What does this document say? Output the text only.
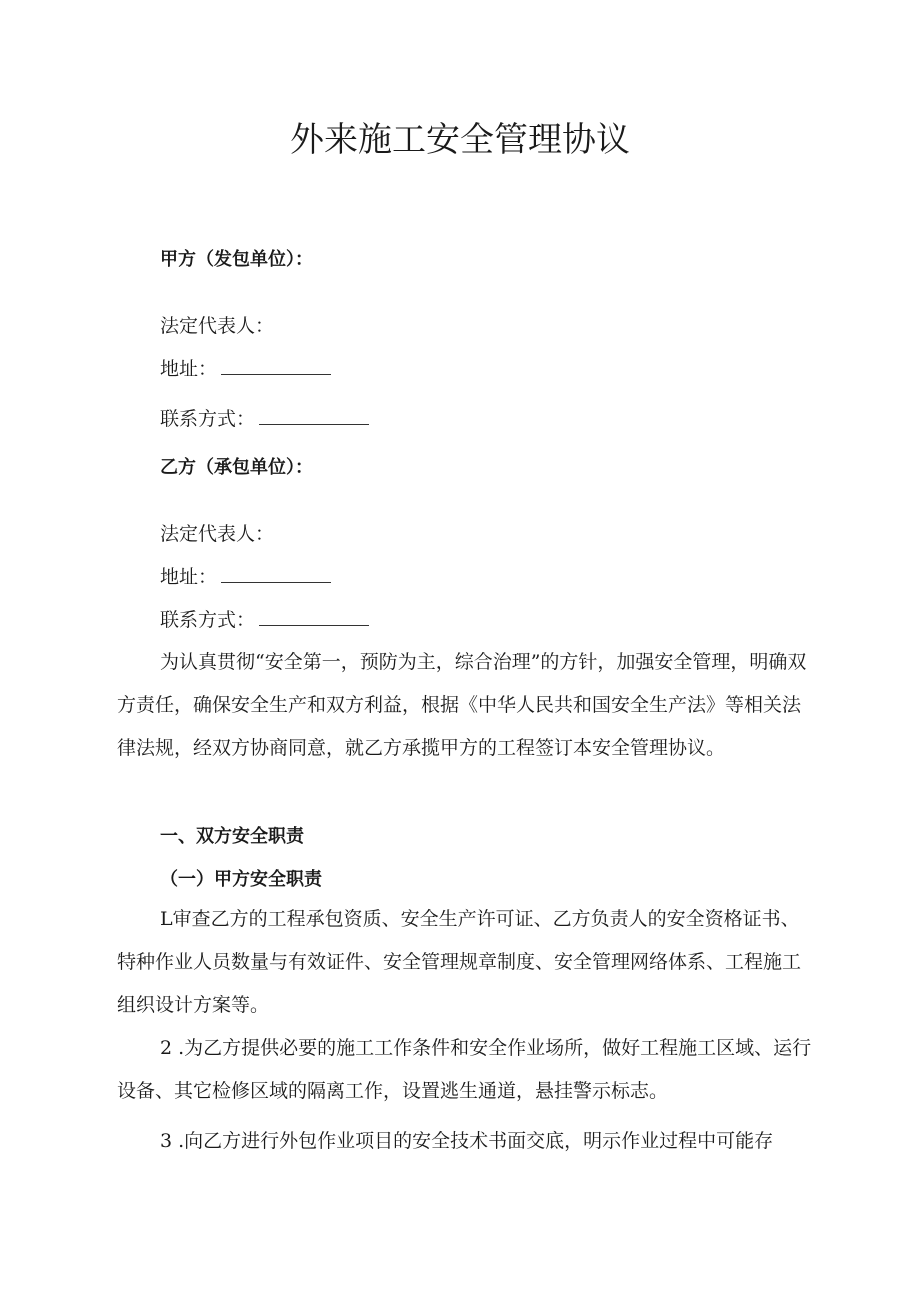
外来施工安全管理协议
甲方（发包单位）：
法定代表人：
地址：
联系方式：
乙方（承包单位）：
法定代表人：
地址：
联系方式：

为认真贯彻“安全第一，预防为主，综合治理”的方针，加强安全管理，明确双方责任，确保安全生产和双方利益，根据《中华人民共和国安全生产法》等相关法律法规，经双方协商同意，就乙方承揽甲方的工程签订本安全管理协议。

一、双方安全职责
（一）甲方安全职责

L审查乙方的工程承包资质、安全生产许可证、乙方负责人的安全资格证书、特种作业人员数量与有效证件、安全管理规章制度、安全管理网络体系、工程施工组织设计方案等。

2 .为乙方提供必要的施工工作条件和安全作业场所，做好工程施工区域、运行设备、其它检修区域的隔离工作，设置逃生通道，悬挂警示标志。

3 .向乙方进行外包作业项目的安全技术书面交底，明示作业过程中可能存
